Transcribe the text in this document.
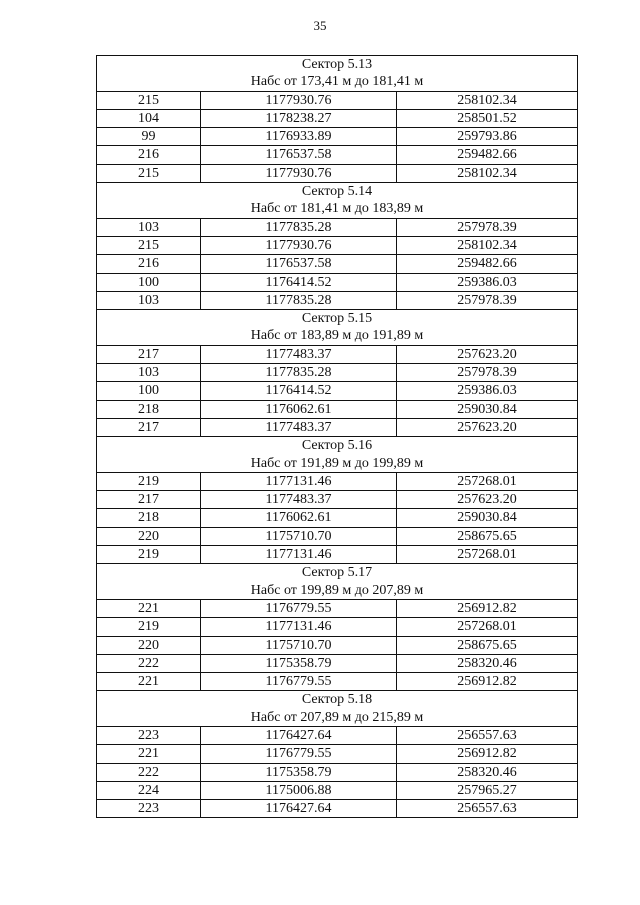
35
Сектор 5.13		
Набс от 173,41 м до 181,41 м		
215	1177930.76	258102.34
104	1178238.27	258501.52
99	1176933.89	259793.86
216	1176537.58	259482.66
215	1177930.76	258102.34
Сектор 5.14		
Набс от 181,41 м до 183,89 м		
103	1177835.28	257978.39
215	1177930.76	258102.34
216	1176537.58	259482.66
100	1176414.52	259386.03
103	1177835.28	257978.39
Сектор 5.15		
Набс от 183,89 м до 191,89 м		
217	1177483.37	257623.20
103	1177835.28	257978.39
100	1176414.52	259386.03
218	1176062.61	259030.84
217	1177483.37	257623.20
Сектор 5.16		
Набс от 191,89 м до 199,89 м		
219	1177131.46	257268.01
217	1177483.37	257623.20
218	1176062.61	259030.84
220	1175710.70	258675.65
219	1177131.46	257268.01
Сектор 5.17		
Набс от 199,89 м до 207,89 м		
221	1176779.55	256912.82
219	1177131.46	257268.01
220	1175710.70	258675.65
222	1175358.79	258320.46
221	1176779.55	256912.82
Сектор 5.18		
Набс от 207,89 м до 215,89 м		
223	1176427.64	256557.63
221	1176779.55	256912.82
222	1175358.79	258320.46
224	1175006.88	257965.27
223	1176427.64	256557.63
